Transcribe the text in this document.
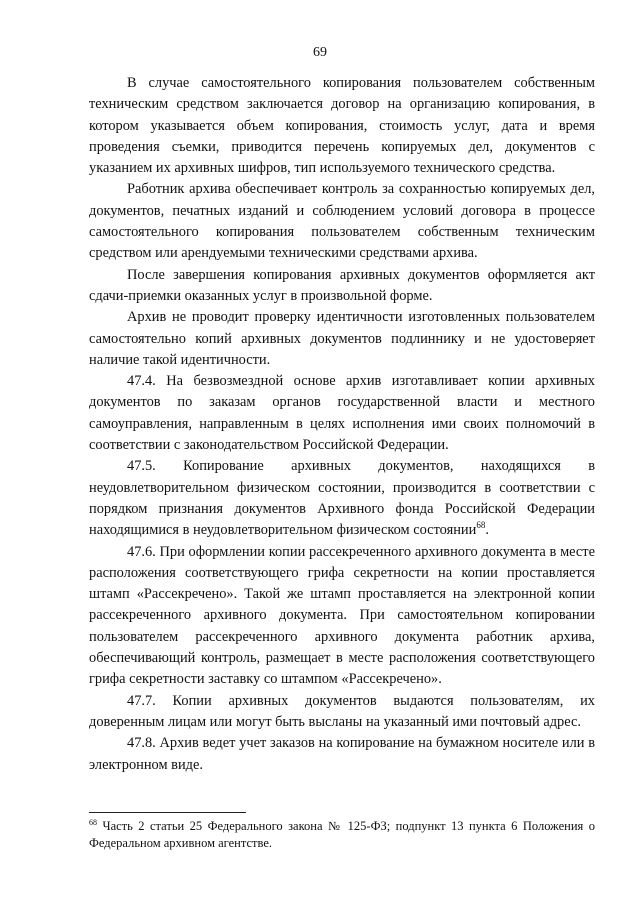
69

В случае самостоятельного копирования пользователем собственным техническим средством заключается договор на организацию копирования, в котором указывается объем копирования, стоимость услуг, дата и время проведения съемки, приводится перечень копируемых дел, документов с указанием их архивных шифров, тип используемого технического средства.

Работник архива обеспечивает контроль за сохранностью копируемых дел, документов, печатных изданий и соблюдением условий договора в процессе самостоятельного копирования пользователем собственным техническим средством или арендуемыми техническими средствами архива.

После завершения копирования архивных документов оформляется акт сдачи-приемки оказанных услуг в произвольной форме.

Архив не проводит проверку идентичности изготовленных пользователем самостоятельно копий архивных документов подлиннику и не удостоверяет наличие такой идентичности.

47.4. На безвозмездной основе архив изготавливает копии архивных документов по заказам органов государственной власти и местного самоуправления, направленным в целях исполнения ими своих полномочий в соответствии с законодательством Российской Федерации.

47.5. Копирование архивных документов, находящихся в неудовлетворительном физическом состоянии, производится в соответствии с порядком признания документов Архивного фонда Российской Федерации находящимися в неудовлетворительном физическом состоянии$^{68}$.

47.6. При оформлении копии рассекреченного архивного документа в месте расположения соответствующего грифа секретности на копии проставляется штамп «Рассекречено». Такой же штамп проставляется на электронной копии рассекреченного архивного документа. При самостоятельном копировании пользователем рассекреченного архивного документа работник архива, обеспечивающий контроль, размещает в месте расположения соответствующего грифа секретности заставку со штампом «Рассекречено».

47.7. Копии архивных документов выдаются пользователям, их доверенным лицам или могут быть высланы на указанный ими почтовый адрес.

47.8. Архив ведет учет заказов на копирование на бумажном носителе или в электронном виде.

$^{68}$ Часть 2 статьи 25 Федерального закона № 125-ФЗ; подпункт 13 пункта 6 Положения о Федеральном архивном агентстве.
